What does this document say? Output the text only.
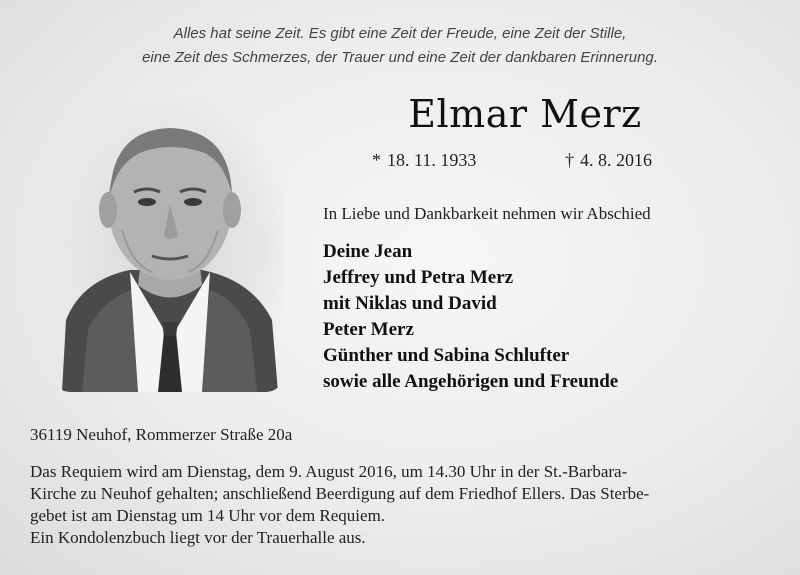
Alles hat seine Zeit. Es gibt eine Zeit der Freude, eine Zeit der Stille,
eine Zeit des Schmerzes, der Trauer und eine Zeit der dankbaren Erinnerung.
Elmar Merz
* 18. 11. 1933	† 4. 8. 2016
In Liebe und Dankbarkeit nehmen wir Abschied
Deine Jean
Jeffrey und Petra Merz
mit Niklas und David
Peter Merz
Günther und Sabina Schlufter
sowie alle Angehörigen und Freunde
36119 Neuhof, Rommerzer Straße 20a
Das Requiem wird am Dienstag, dem 9. August 2016, um 14.30 Uhr in der St.-Barbara-
Kirche zu Neuhof gehalten; anschließend Beerdigung auf dem Friedhof Ellers. Das Sterbe-
gebet ist am Dienstag um 14 Uhr vor dem Requiem.
Ein Kondolenzbuch liegt vor der Trauerhalle aus.
